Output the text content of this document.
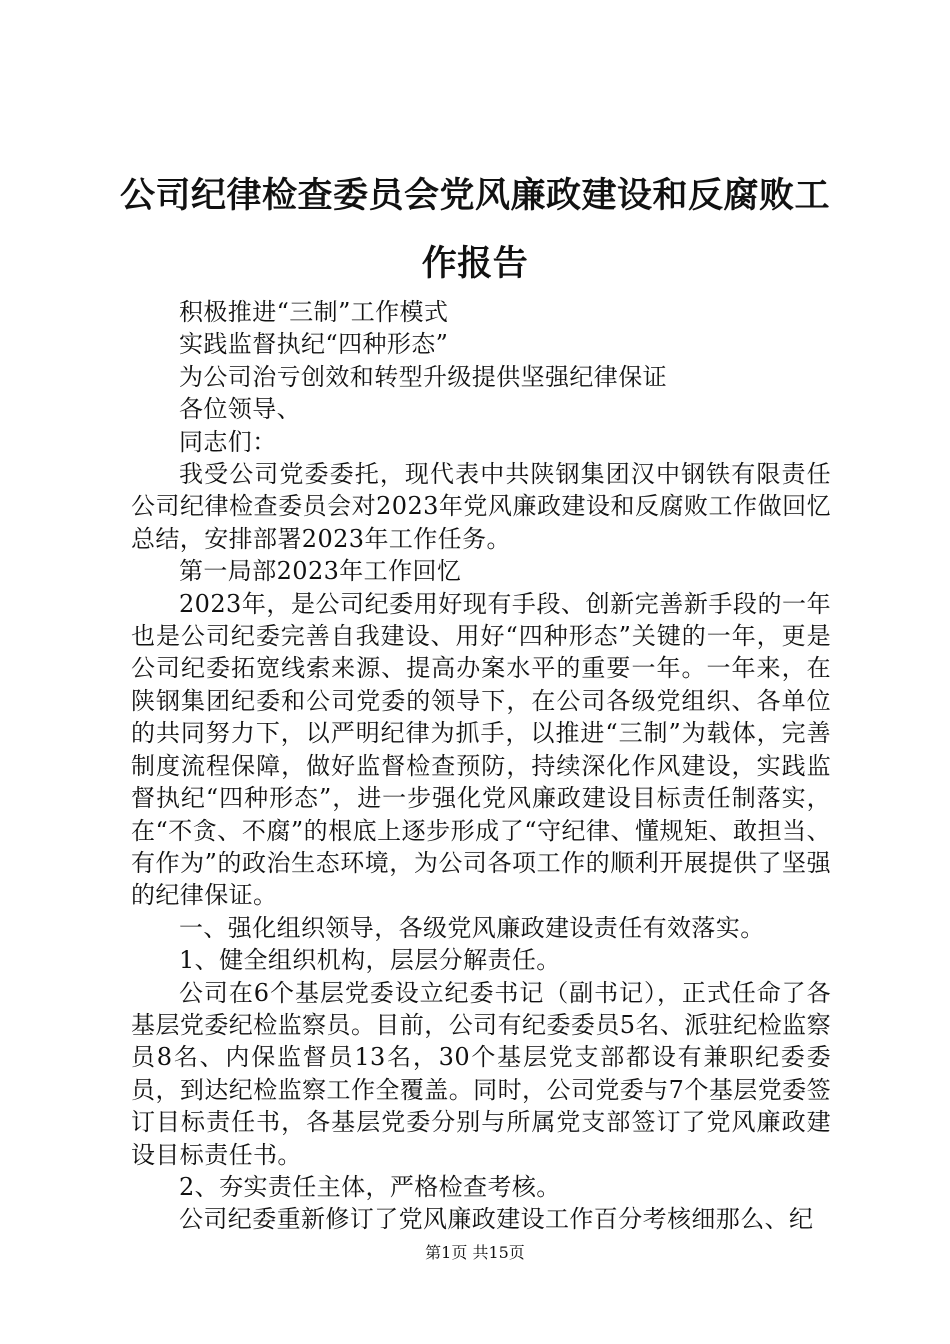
公司纪律检查委员会党风廉政建设和反腐败工作报告

积极推进“三制”工作模式

实践监督执纪“四种形态”

为公司治亏创效和转型升级提供坚强纪律保证

各位领导、

同志们：

我受公司党委委托，现代表中共陕钢集团汉中钢铁有限责任公司纪律检查委员会对2023年党风廉政建设和反腐败工作做回忆总结，安排部署2023年工作任务。

第一局部2023年工作回忆

2023年，是公司纪委用好现有手段、创新完善新手段的一年也是公司纪委完善自我建设、用好“四种形态”关键的一年，更是公司纪委拓宽线索来源、提高办案水平的重要一年。一年来，在陕钢集团纪委和公司党委的领导下，在公司各级党组织、各单位的共同努力下，以严明纪律为抓手，以推进“三制”为载体，完善制度流程保障，做好监督检查预防，持续深化作风建设，实践监督执纪“四种形态”，进一步强化党风廉政建设目标责任制落实，在“不贪、不腐”的根底上逐步形成了“守纪律、懂规矩、敢担当、有作为”的政治生态环境，为公司各项工作的顺利开展提供了坚强的纪律保证。

一、强化组织领导，各级党风廉政建设责任有效落实。

1、健全组织机构，层层分解责任。

公司在6个基层党委设立纪委书记（副书记），正式任命了各基层党委纪检监察员。目前，公司有纪委委员5名、派驻纪检监察员8名、内保监督员13名，30个基层党支部都设有兼职纪委委员，到达纪检监察工作全覆盖。同时，公司党委与7个基层党委签订目标责任书，各基层党委分别与所属党支部签订了党风廉政建设目标责任书。

2、夯实责任主体，严格检查考核。

公司纪委重新修订了党风廉政建设工作百分考核细那么、纪

第1页 共15页
